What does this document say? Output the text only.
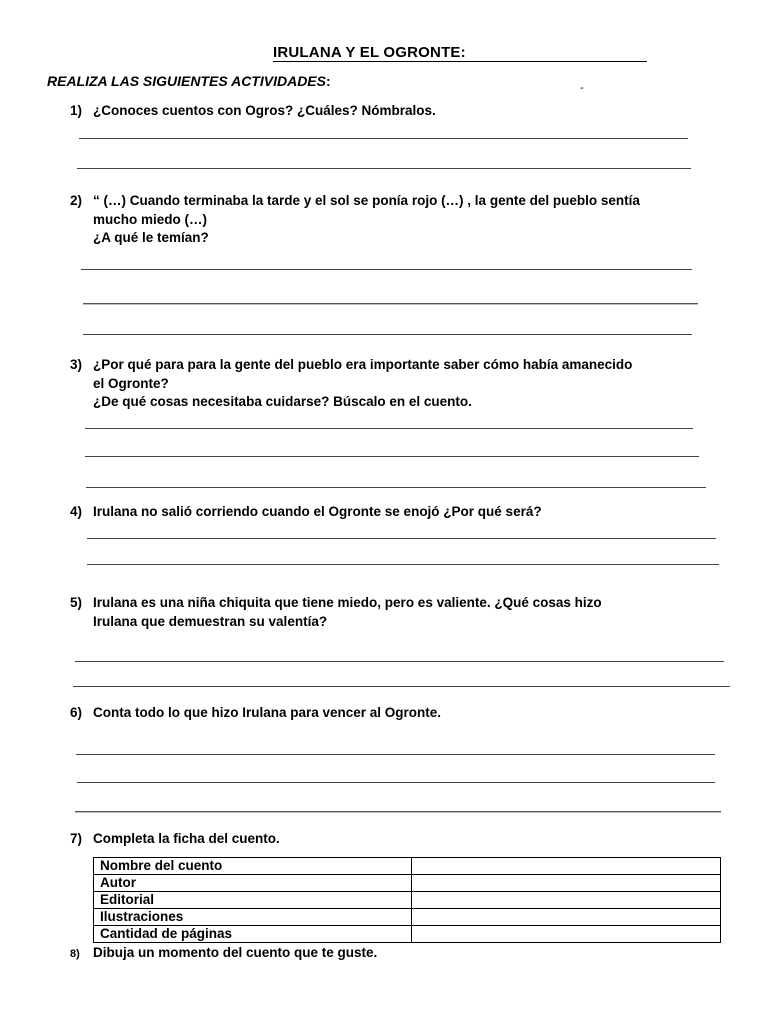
IRULANA Y EL OGRONTE:
REALIZA LAS SIGUIENTES ACTIVIDADES:	-
1) ¿Conoces cuentos con Ogros? ¿Cuáles? Nómbralos.
2) “ (…) Cuando terminaba la tarde y el sol se ponía rojo (…) , la gente del pueblo sentía
mucho miedo (…)
¿A qué le temían?
3) ¿Por qué para para la gente del pueblo era importante saber cómo había amanecido
el Ogronte?
¿De qué cosas necesitaba cuidarse? Búscalo en el cuento.
4) Irulana no salió corriendo cuando el Ogronte se enojó ¿Por qué será?
5) Irulana es una niña chiquita que tiene miedo, pero es valiente. ¿Qué cosas hizo
Irulana que demuestran su valentía?
6) Conta todo lo que hizo Irulana para vencer al Ogronte.
7) Completa la ficha del cuento.
Nombre del cuento	
Autor	
Editorial	
Ilustraciones	
Cantidad de páginas	
8) Dibuja un momento del cuento que te guste.
